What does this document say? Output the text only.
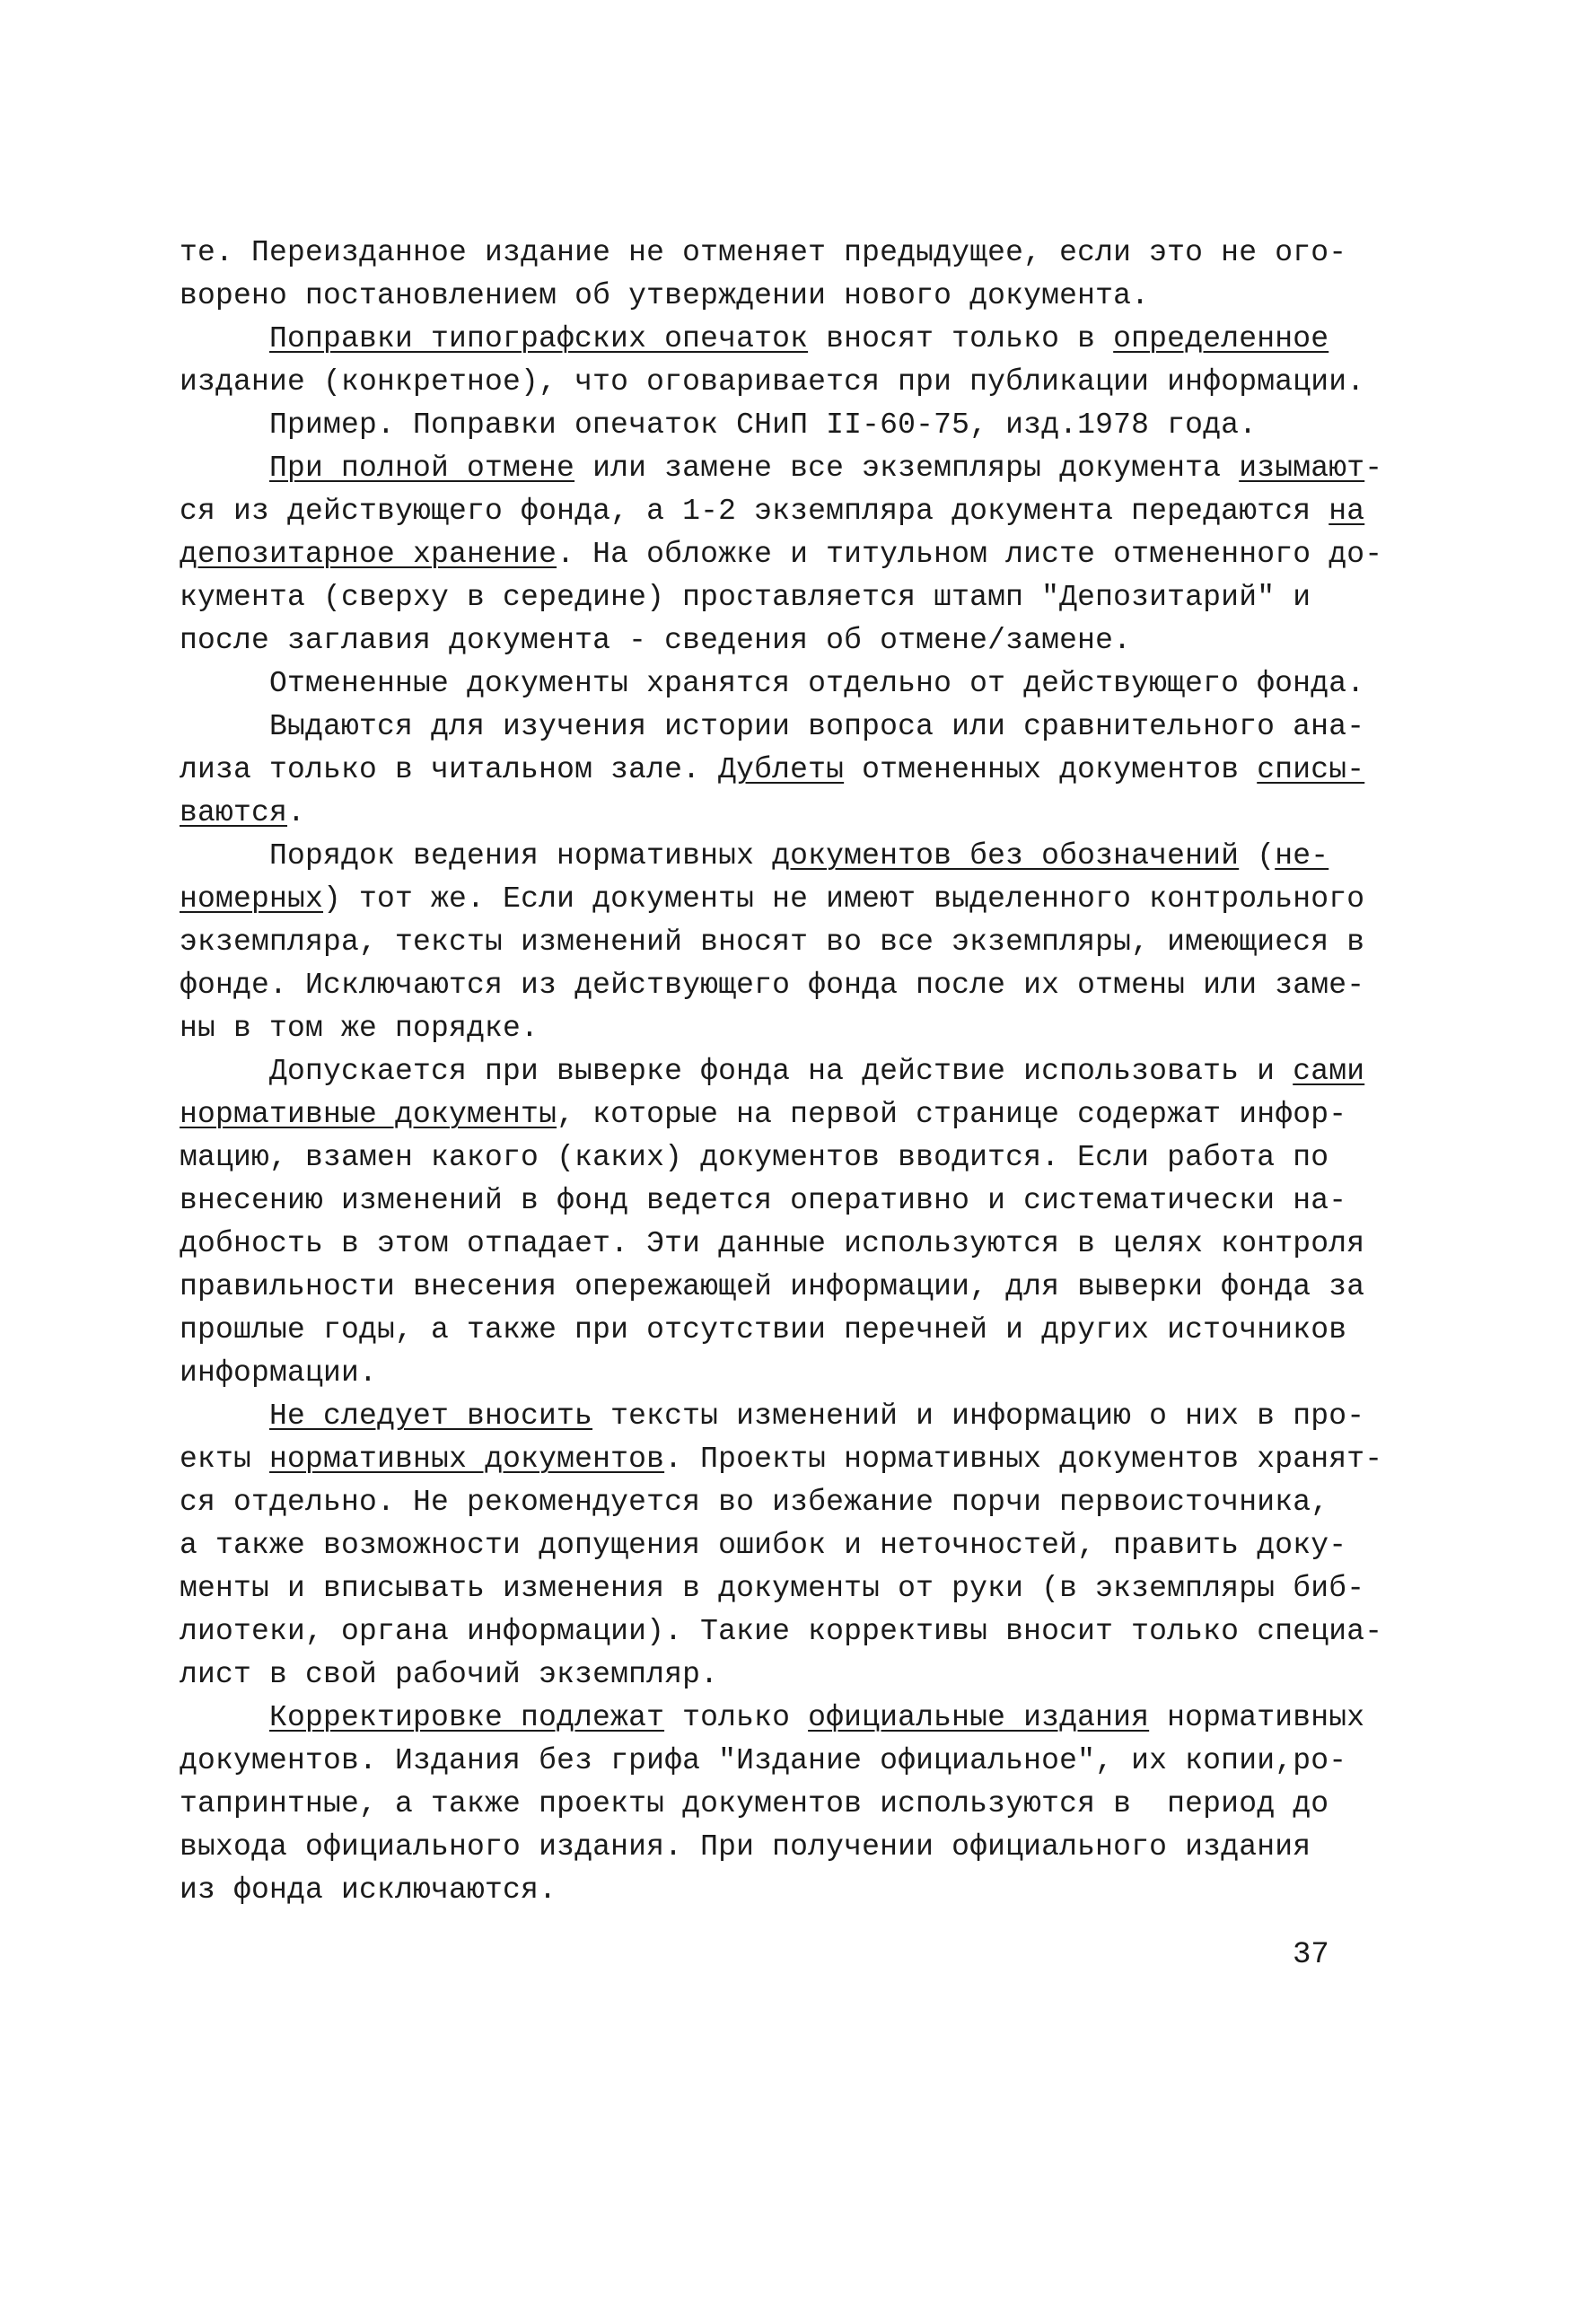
те. Переизданное издание не отменяет предыдущее, если это не ого-
ворено постановлением об утверждении нового документа.
Поправки типографских опечаток вносят только в определенное
издание (конкретное), что оговаривается при публикации информации.
Пример. Поправки опечаток СНиП II-60-75, изд.1978 года.
При полной отмене или замене все экземпляры документа изымают-
ся из действующего фонда, а 1-2 экземпляра документа передаются на
депозитарное хранение. На обложке и титульном листе отмененного до-
кумента (сверху в середине) проставляется штамп "Депозитарий" и
после заглавия документа - сведения об отмене/замене.
Отмененные документы хранятся отдельно от действующего фонда.
Выдаются для изучения истории вопроса или сравнительного ана-
лиза только в читальном зале. Дублеты отмененных документов списы-
ваются.
Порядок ведения нормативных документов без обозначений (не-
номерных) тот же. Если документы не имеют выделенного контрольного
экземпляра, тексты изменений вносят во все экземпляры, имеющиеся в
фонде. Исключаются из действующего фонда после их отмены или заме-
ны в том же порядке.
Допускается при выверке фонда на действие использовать и сами
нормативные документы, которые на первой странице содержат инфор-
мацию, взамен какого (каких) документов вводится. Если работа по
внесению изменений в фонд ведется оперативно и систематически на-
добность в этом отпадает. Эти данные используются в целях контроля
правильности внесения опережающей информации, для выверки фонда за
прошлые годы, а также при отсутствии перечней и других источников
информации.
Не следует вносить тексты изменений и информацию о них в про-
екты нормативных документов. Проекты нормативных документов хранят-
ся отдельно. Не рекомендуется во избежание порчи первоисточника,
а также возможности допущения ошибок и неточностей, править доку-
менты и вписывать изменения в документы от руки (в экземпляры биб-
лиотеки, органа информации). Такие коррективы вносит только специа-
лист в свой рабочий экземпляр.
Корректировке подлежат только официальные издания нормативных
документов. Издания без грифа "Издание официальное", их копии,ро-
тапринтные, а также проекты документов используются в  период до
выхода официального издания. При получении официального издания
из фонда исключаются.
37
